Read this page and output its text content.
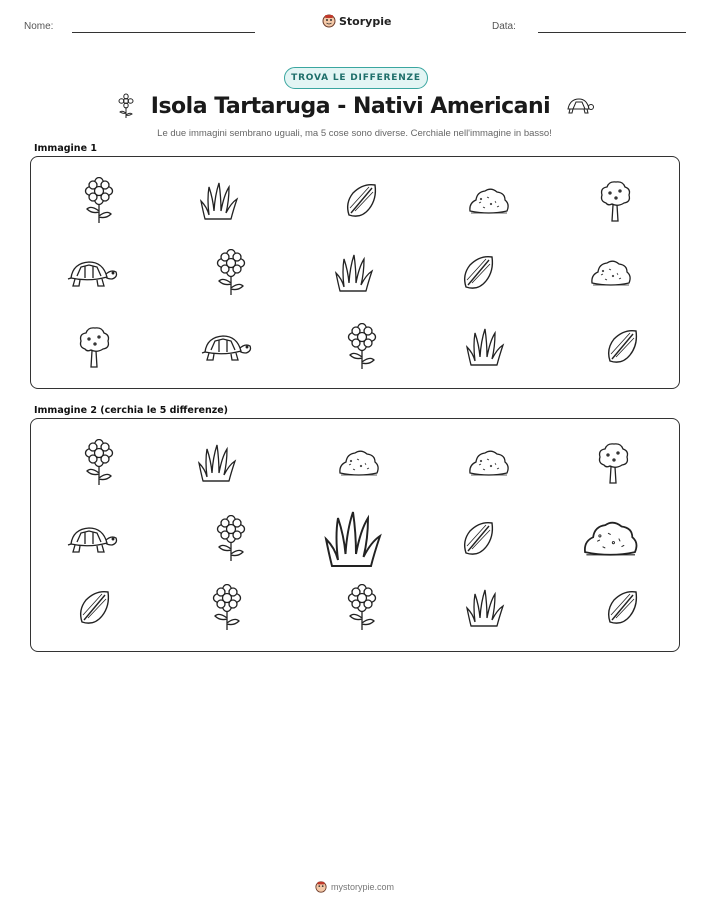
Nome:	Storypie	Data:
TROVA LE DIFFERENZE
Isola Tartaruga - Nativi Americani
Le due immagini sembrano uguali, ma 5 cose sono diverse. Cerchiale nell'immagine in basso!
Immagine 1
Immagine 2 (cerchia le 5 differenze)
mystorypie.com
